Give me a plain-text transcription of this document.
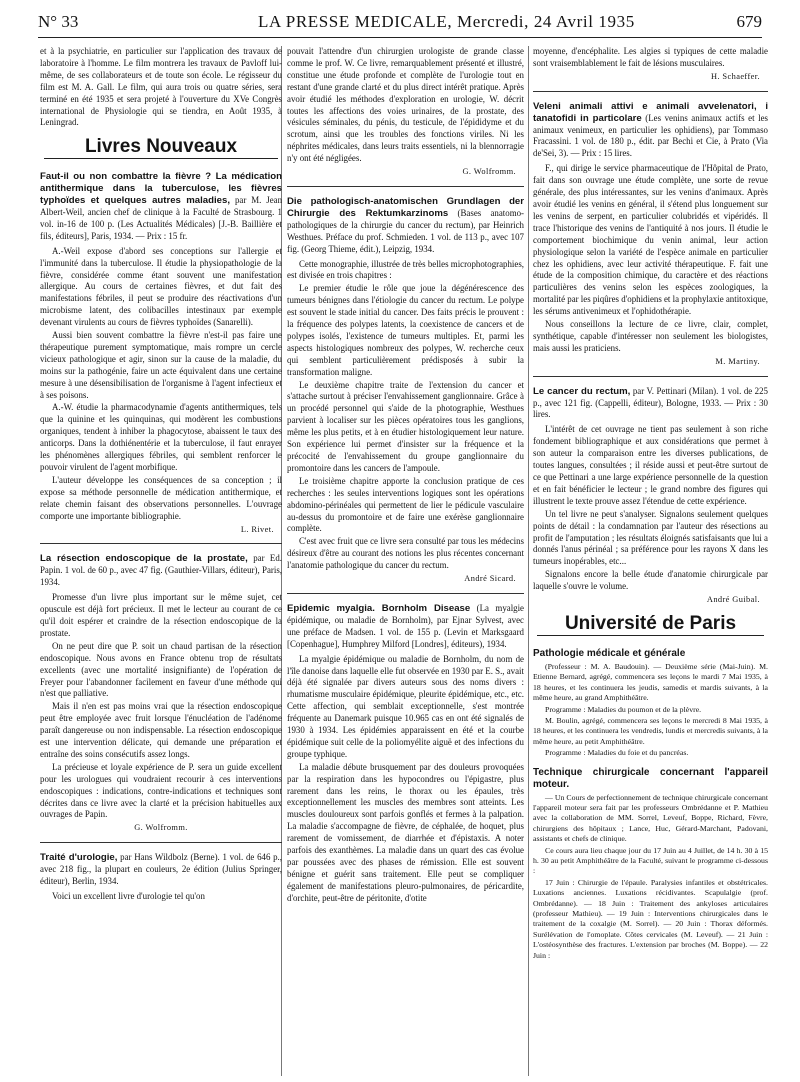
N° 33	LA PRESSE MEDICALE, Mercredi, 24 Avril 1935	679

et à la psychiatrie, en particulier sur l'application des travaux de laboratoire à l'homme. Le film montrera les travaux de Pavloff lui-même, de ses collaborateurs et de toute son école. Le régisseur du film est M. A. Gall. Le film, qui aura trois ou quatre séries, sera terminé en été 1935 et sera projeté à l'ouverture du XVe Congrès international de Physiologie qui se tiendra, en Août 1935, à Leningrad.

Livres Nouveaux

Faut-il ou non combattre la fièvre ? La médication antithermique dans la tuberculose, les fièvres typhoïdes et quelques autres maladies, par M. Jean Albert-Weil, ancien chef de clinique à la Faculté de Strasbourg. 1 vol. in-16 de 100 p. (Les Actualités Médicales) [J.-B. Baillière et fils, éditeurs], Paris, 1934. — Prix : 15 fr.

A.-Weil expose d'abord ses conceptions sur l'allergie et l'immunité dans la tuberculose. Il étudie la physiopathologie de la fièvre, considérée comme étant souvent une manifestation allergique. Au cours de certaines fièvres, et dut fait des manifestations fébriles, il peut se produire des réactivations d'un microbisme latent, des colibacilles intestinaux par exemple devenant virulents au cours de fièvres typhoïdes (Sanarelli).

Aussi bien souvent combattre la fièvre n'est-il pas faire une thérapeutique purement symptomatique, mais rompre un cercle vicieux pathologique et agir, sinon sur la cause de la maladie, du moins sur la pathogénie, faire un acte équivalent dans une certaine mesure à une désensibilisation de l'organisme à l'agent infectieux et à ses poisons.

A.-W. étudie la pharmacodynamie d'agents antithermiques, tels que la quinine et les quinquinas, qui modèrent les combustions organiques, tendent à inhiber la phagocytose, abaissent le taux des anticorps. Dans la dothiénentérie et la tuberculose, il faut enrayer les phénomènes allergiques fébriles, qui semblent renforcer le pouvoir virulent de l'agent morbifique.

L'auteur développe les conséquences de sa conception ; il expose sa méthode personnelle de médication antithermique, et relate chemin faisant des observations personnelles. L'ouvrage comporte une importante bibliographie.

L. Rivet.

La résection endoscopique de la prostate, par Ed. Papin. 1 vol. de 60 p., avec 47 fig. (Gauthier-Villars, éditeur), Paris, 1934.

Promesse d'un livre plus important sur le même sujet, cet opuscule est déjà fort précieux. Il met le lecteur au courant de ce qu'il doit espérer et craindre de la résection endoscopique de la prostate.

On ne peut dire que P. soit un chaud partisan de la résection endoscopique. Nous avons en France obtenu trop de résultats excellents (avec une mortalité insignifiante) de l'opération de Freyer pour l'abandonner facilement en faveur d'une méthode qui n'est que palliative.

Mais il n'en est pas moins vrai que la résection endoscopique peut être employée avec fruit lorsque l'énucléation de l'adénome paraît dangereuse ou non indispensable. La résection endoscopique est une intervention délicate, qui demande une préparation et entraîne des soins consécutifs assez longs.

La précieuse et loyale expérience de P. sera un guide excellent pour les urologues qui voudraient recourir à ces interventions endoscopiques : indications, contre-indications et techniques sont décrites dans ce livre avec la clarté et la précision habituelles aux ouvrages de Papin.

G. Wolfromm.

Traité d'urologie, par Hans Wildbolz (Berne). 1 vol. de 646 p., avec 218 fig., la plupart en couleurs, 2e édition (Julius Springer, éditeur), Berlin, 1934.

Voici un excellent livre d'urologie tel qu'on

pouvait l'attendre d'un chirurgien urologiste de grande classe comme le prof. W. Ce livre, remarquablement présenté et illustré, constitue une étude profonde et complète de l'urologie tout en restant d'une grande clarté et du plus direct intérêt pratique. Après avoir étudié les méthodes d'exploration en urologie, W. décrit toutes les affections des voies urinaires, de la prostate, des vésicules séminales, du pénis, du testicule, de l'épididyme et du scrotum, ainsi que les troubles des fonctions viriles. Ni les néphrites médicales, dans leurs traits essentiels, ni la blennorragie n'y ont été négligées.

G. Wolfromm.

Die pathologisch-anatomischen Grundlagen der Chirurgie des Rektumkarzinoms (Bases anatomo-pathologiques de la chirurgie du cancer du rectum), par Heinrich Westhues. Préface du prof. Schmieden. 1 vol. de 113 p., avec 107 fig. (Georg Thieme, édit.), Leipzig, 1934.

Cette monographie, illustrée de très belles microphotographies, est divisée en trois chapitres :

Le premier étudie le rôle que joue la dégénérescence des tumeurs bénignes dans l'étiologie du cancer du rectum. Le polype est souvent le stade initial du cancer. Des faits précis le prouvent : la fréquence des polypes latents, la coexistence de cancers et de polypes isolés, l'existence de tumeurs multiples. Et, parmi les aspects histologiques nombreux des polypes, W. recherche ceux qui semblent particulièrement prédisposés à subir la transformation maligne.

Le deuxième chapitre traite de l'extension du cancer et s'attache surtout à préciser l'envahissement ganglionnaire. Grâce à un procédé personnel qui s'aide de la photographie, Westhues parvient à localiser sur les pièces opératoires tous les ganglions, même les plus petits, et à en étudier histologiquement leur nature. Son expérience lui permet d'insister sur la fréquence et la précocité de l'envahissement du groupe ganglionnaire du promontoire dans les cancers de l'ampoule.

Le troisième chapitre apporte la conclusion pratique de ces recherches : les seules interventions logiques sont les opérations abdomino-périnéales qui permettent de lier le pédicule vasculaire au-dessus du promontoire et de faire une exérèse ganglionnaire complète.

C'est avec fruit que ce livre sera consulté par tous les médecins désireux d'être au courant des notions les plus récentes concernant l'anatomie pathologique du cancer du rectum.

André Sicard.

Epidemic myalgia. Bornholm Disease (La myalgie épidémique, ou maladie de Bornholm), par Ejnar Sylvest, avec une préface de Madsen. 1 vol. de 155 p. (Levin et Marksgaard [Copenhague], Humphrey Milford [Londres], éditeurs), 1934.

La myalgie épidémique ou maladie de Bornholm, du nom de l'île danoise dans laquelle elle fut observée en 1930 par E. S., avait déjà été signalée par divers auteurs sous des noms divers : rhumatisme musculaire épidémique, pleurite épidémique, etc., etc. Cette affection, qui semblait exceptionnelle, s'est montrée fréquente au Danemark puisque 10.965 cas en ont été signalés de 1930 à 1934. Les épidémies apparaissent en été et la courbe épidémique suit celle de la poliomyélite aiguë et des infections du groupe typhique.

La maladie débute brusquement par des douleurs provoquées par la respiration dans les hypocondres ou l'épigastre, plus rarement dans les reins, le thorax ou les épaules, très exceptionnellement les muscles des membres sont atteints. Les muscles douloureux sont parfois gonflés et fermes à la palpation. La maladie s'accompagne de fièvre, de céphalée, de hoquet, plus rarement de vomissement, de diarrhée et d'épistaxis. A noter parfois des exanthèmes. La maladie dans un quart des cas évolue par poussées avec des phases de rémission. Elle est souvent bénigne et guérit sans traitement. Elle peut se compliquer également de manifestations pleuro-pulmonaires, de péricardite, d'orchite, peut-être de péritonite, d'otite

moyenne, d'encéphalite. Les algies si typiques de cette maladie sont vraisemblablement le fait de lésions musculaires.

H. Schaeffer.

Veleni animali attivi e animali avvelenatori, i tanatofidi in particolare (Les venins animaux actifs et les animaux venimeux, en particulier les ophidiens), par Tommaso Fracassini. 1 vol. de 180 p., édit. par Bechi et Cie, à Prato (Via de'Sei, 3). — Prix : 15 lires.

F., qui dirige le service pharmaceutique de l'Hôpital de Prato, fait dans son ouvrage une étude complète, une sorte de revue générale, des plus intéressantes, sur les venins d'animaux. Après avoir étudié les venins en général, il s'étend plus longuement sur les venins de serpent, en particulier colubridés et vipéridés. Il trace l'historique des venins de l'antiquité à nos jours. Il étudie le comportement biochimique du venin animal, leur action physiologique selon la variété de l'espèce animale en particulier chez les ophidiens, avec leur activité thérapeutique. F. fait une étude de la composition chimique, du caractère et des réactions particulières des venins selon les espèces zoologiques, la mortalité par les piqûres d'ophidiens et la prophylaxie antitoxique, les sérums antivenimeux et l'ophidothérapie.

Nous conseillons la lecture de ce livre, clair, complet, synthétique, capable d'intéresser non seulement les biologistes, mais aussi les praticiens.

M. Martiny.

Le cancer du rectum, par V. Pettinari (Milan). 1 vol. de 225 p., avec 121 fig. (Cappelli, éditeur), Bologne, 1933. — Prix : 30 lires.

L'intérêt de cet ouvrage ne tient pas seulement à son riche fondement bibliographique et aux considérations que permet à son auteur la comparaison entre les diverses publications, de toutes langues, consultées ; il réside aussi et peut-être surtout de ce que Pettinari a une large expérience personnelle de la question et en fait bénéficier le lecteur ; le grand nombre des figures qui illustrent le texte prouve assez l'étendue de cette expérience.

Un tel livre ne peut s'analyser. Signalons seulement quelques points de détail : la condamnation par l'auteur des résections au profit de l'amputation ; les résultats éloignés satisfaisants que lui a donnés l'anus périnéal ; sa préférence pour les rayons X dans les tumeurs inopérables, etc...

Signalons encore la belle étude d'anatomie chirurgicale par laquelle s'ouvre le volume.

André Guibal.
Université de Paris
Pathologie médicale et générale

(Professeur : M. A. Baudouin). — Deuxième série (Mai-Juin). M. Etienne Bernard, agrégé, commencera ses leçons le mardi 7 Mai 1935, à 18 heures, et les continuera les jeudis, samedis et mardis suivants, à la même heure, au grand Amphithéâtre.

Programme : Maladies du poumon et de la plèvre.

M. Boulin, agrégé, commencera ses leçons le mercredi 8 Mai 1935, à 18 heures, et les continuera les vendredis, lundis et mercredis suivants, à la même heure, au petit Amphithéâtre.

Programme : Maladies du foie et du pancréas.

Technique chirurgicale concernant l'appareil moteur.

— Un Cours de perfectionnement de technique chirurgicale concernant l'appareil moteur sera fait par les professeurs Ombrédanne et P. Mathieu avec la collaboration de MM. Sorrel, Leveuf, Boppe, Richard, Fèvre, chirurgiens des hôpitaux ; Lance, Huc, Gérard-Marchant, Padovani, assistants et chefs de clinique.

Ce cours aura lieu chaque jour du 17 Juin au 4 Juillet, de 14 h. 30 à 15 h. 30 au petit Amphithéâtre de la Faculté, suivant le programme ci-dessous :

17 Juin : Chirurgie de l'épaule. Paralysies infantiles et obstétricales. Luxations anciennes. Luxations récidivantes. Scapulalgie (prof. Ombrédanne). — 18 Juin : Traitement des ankyloses articulaires (professeur Mathieu). — 19 Juin : Interventions chirurgicales dans le traitement de la coxalgie (M. Sorrel). — 20 Juin : Thorax déformés. Surélévation de l'omoplate. Côtes cervicales (M. Leveuf). — 21 Juin : L'ostéosynthèse des fractures. L'extension par broches (M. Boppe). — 22 Juin :
